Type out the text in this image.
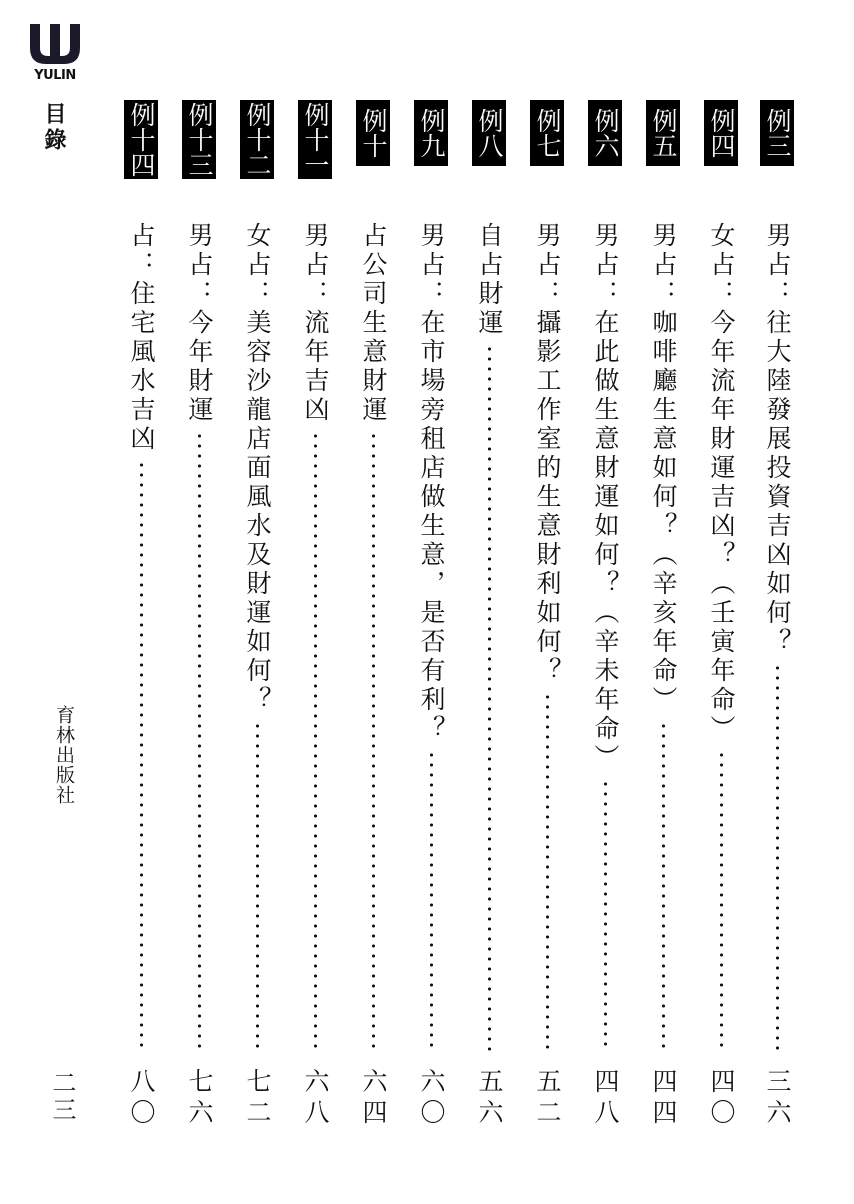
YULIN
目錄
育林出版社
二三
例三
男占：往大陸發展投資吉凶如何？
三六
例四
女占：今年流年財運吉凶？︵壬寅年命︶
四〇
例五
男占：咖啡廳生意如何？︵辛亥年命︶
四四
例六
男占：在此做生意財運如何？︵辛未年命︶
四八
例七
男占：攝影工作室的生意財利如何？
五二
例八
自占財運
五六
例九
男占：在市場旁租店做生意，是否有利？
六〇
例十
占公司生意財運
六四
例十一
男占：流年吉凶
六八
例十二
女占：美容沙龍店面風水及財運如何？
七二
例十三
男占：今年財運
七六
例十四
占：住宅風水吉凶
八〇
